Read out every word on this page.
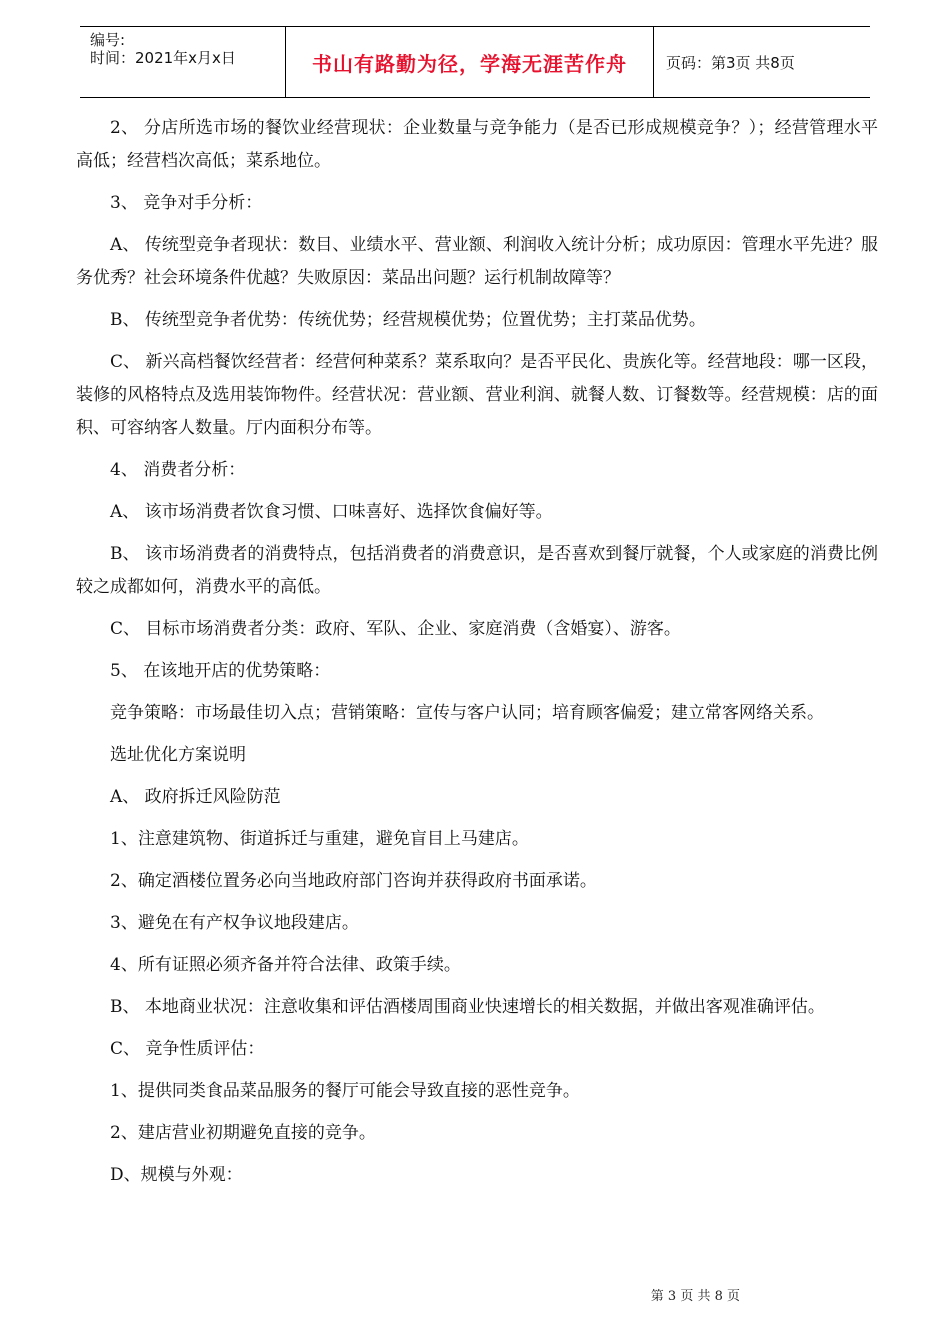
编号:
时间：2021年x月x日	书山有路勤为径，学海无涯苦作舟	页码：第3页 共8页

2、 分店所选市场的餐饮业经营现状：企业数量与竞争能力（是否已形成规模竞争？）；经营管理水平高低；经营档次高低；菜系地位。

3、 竞争对手分析：

A、 传统型竞争者现状：数目、业绩水平、营业额、利润收入统计分析；成功原因：管理水平先进？服务优秀？社会环境条件优越？失败原因：菜品出问题？运行机制故障等？

B、 传统型竞争者优势：传统优势；经营规模优势；位置优势；主打菜品优势。

C、 新兴高档餐饮经营者：经营何种菜系？菜系取向？是否平民化、贵族化等。经营地段：哪一区段，装修的风格特点及选用装饰物件。经营状况：营业额、营业利润、就餐人数、订餐数等。经营规模：店的面积、可容纳客人数量。厅内面积分布等。

4、 消费者分析：

A、 该市场消费者饮食习惯、口味喜好、选择饮食偏好等。

B、 该市场消费者的消费特点，包括消费者的消费意识，是否喜欢到餐厅就餐，个人或家庭的消费比例较之成都如何，消费水平的高低。

C、 目标市场消费者分类：政府、军队、企业、家庭消费（含婚宴）、游客。

5、 在该地开店的优势策略：

竞争策略：市场最佳切入点；营销策略：宣传与客户认同；培育顾客偏爱；建立常客网络关系。

选址优化方案说明

A、 政府拆迁风险防范

1、注意建筑物、街道拆迁与重建，避免盲目上马建店。

2、确定酒楼位置务必向当地政府部门咨询并获得政府书面承诺。

3、避免在有产权争议地段建店。

4、所有证照必须齐备并符合法律、政策手续。

B、 本地商业状况：注意收集和评估酒楼周围商业快速增长的相关数据，并做出客观准确评估。

C、 竞争性质评估：

1、提供同类食品菜品服务的餐厅可能会导致直接的恶性竞争。

2、建店营业初期避免直接的竞争。

D、规模与外观：

第 3 页 共 8 页
